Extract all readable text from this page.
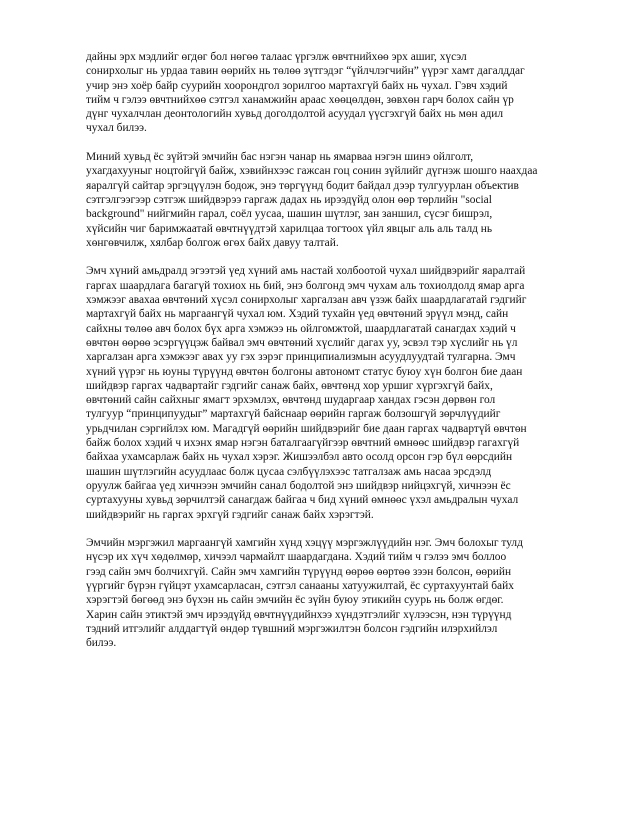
дайны эрх мэдлийг өгдөг бол нөгөө талаас үргэлж өвчтнийхөө эрх ашиг, хүсэл
сонирхолыг нь урдаа тавин өөрийх нь төлөө зүтгэдэг “үйлчлэгчийн” үүрэг хамт дагалддаг
учир энэ хоёр байр суурийн хоорондгол зорилгоо мартахгүй байх нь чухал. Гэвч хэдий
тийм ч гэлээ өвчтнийхөө сэтгэл ханамжийн араас хөөцөлдөн, зөвхөн гарч болох сайн үр
дүнг чухалчлан деонтологийн хувьд доголдолтой асуудал үүсгэхгүй байх нь мөн адил
чухал билээ.
Миний хувьд ёс зүйтэй эмчийн бас нэгэн чанар нь ямарваа нэгэн шинэ ойлголт,
ухагдахууныг ноцтойгүй байж, хэвийнхээс гажсан гоц сонин зүйлийг дүгнэж шошго наахдаа
яаралгүй сайтар эргэцүүлэн бодож, энэ төргүүнд бодит байдал дээр тулгуурлан объектив
сэтгэлгээгээр сэтгэж шийдвэрээ гаргаж дадах нь ирээдүйд олон өөр төрлийн "social
background" нийгмийн гарал, соёл уусаа, шашин шүтлэг, зан заншил, сүсэг бишрэл,
хүйсийн чиг баримжаатай өвчтнүүдтэй харилцаа тогтоох үйл явцыг аль аль талд нь
хөнгөвчилж, хялбар болгож өгөх байх давуу талтай.
Эмч хүний амьдралд эгээтэй үед хүний амь настай холбоотой чухал шийдвэрийг яаралтай
гаргах шаардлага багагүй тохиох нь бий, энэ болгонд эмч чухам аль тохиолдолд ямар арга
хэмжээг авахаа өвчтөний хүсэл сонирхолыг харгалзан авч үзэж байх шаардлагатай гэдгийг
мартахгүй байх нь маргаангүй чухал юм. Хэдий тухайн үед өвчтөний эрүүл мэнд, сайн
сайхны төлөө авч болох бүх арга хэмжээ нь ойлгомжтой, шаардлагатай санагдах хэдий ч
өвчтөн өөрөө эсэргүүцэж байвал эмч өвчтөний хүслийг дагах уу, эсвэл тэр хүслийг нь үл
харгалзан арга хэмжээг авах уу гэх зэрэг принципиализмын асуудлуудтай тулгарна. Эмч
хүний үүрэг нь юуны түрүүнд өвчтөн болгоны автономт статус буюу хүн болгон бие даан
шийдвэр гаргах чадвартайг гэдгийг санаж байх, өвчтөнд хор уршиг хүргэхгүй байх,
өвчтөний сайн сайхныг ямагт эрхэмлэх, өвчтөнд шударгаар хандах гэсэн дөрвөн гол
тулгуур “принципуудыг” мартахгүй байснаар өөрийн гаргаж болзошгүй зөрчлүүдийг
урьдчилан сэргийлэх юм. Магадгүй өөрийн шийдвэрийг бие даан гаргах чадвартүй өвчтөн
байж болох хэдий ч ихэнх ямар нэгэн баталгаагүйгээр өвчтний өмнөөс шийдвэр гагахгүй
байхаа ухамсарлаж байх нь чухал хэрэг. Жишээлбэл авто осолд орсон гэр бүл өөрсдийн
шашин шүтлэгийн асуудлааc болж цусаа сэлбүүлэхээс татгалзаж амь насаа эрсдэлд
оруулж байгаа үед хичнээн эмчийн санал бодолтой энэ шийдвэр нийцэхгүй, хичнээн ёс
суртахууны хувьд зөрчилтэй санагдаж байгаа ч бид хүний өмнөөс үхэл амьдралын чухал
шийдвэрийг нь гаргах эрхгүй гэдгийг санаж байх хэрэгтэй.
Эмчийн мэргэжил маргаангүй хамгийн хүнд хэцүү мэргэжлүүдийн нэг. Эмч болохыг тулд
нүсэр их хүч хөдөлмөр, хичээл чармайлт шаардагдана. Хэдий тийм ч гэлээ эмч боллоо
гээд сайн эмч болчихгүй. Сайн эмч хамгийн түрүүнд өөрөө өөртөө зээн болсон, өөрийн
үүргийг бүрэн гүйцэт ухамсарласан, сэтгэл санааны хатуужилтай, ёс суртахуунтай байх
хэрэгтэй бөгөөд энэ бүхэн нь сайн эмчийн ёс зүйн буюу этикийн суурь нь болж өгдөг.
Харин сайн этиктэй эмч ирээдүйд өвчтнүүдийнхээ хүндэтгэлийг хүлээсэн, нэн түрүүнд
тэдний итгэлийг алддагтүй өндөр түвшний мэргэжилтэн болсон гэдгийн илэрхийлэл
билээ.
